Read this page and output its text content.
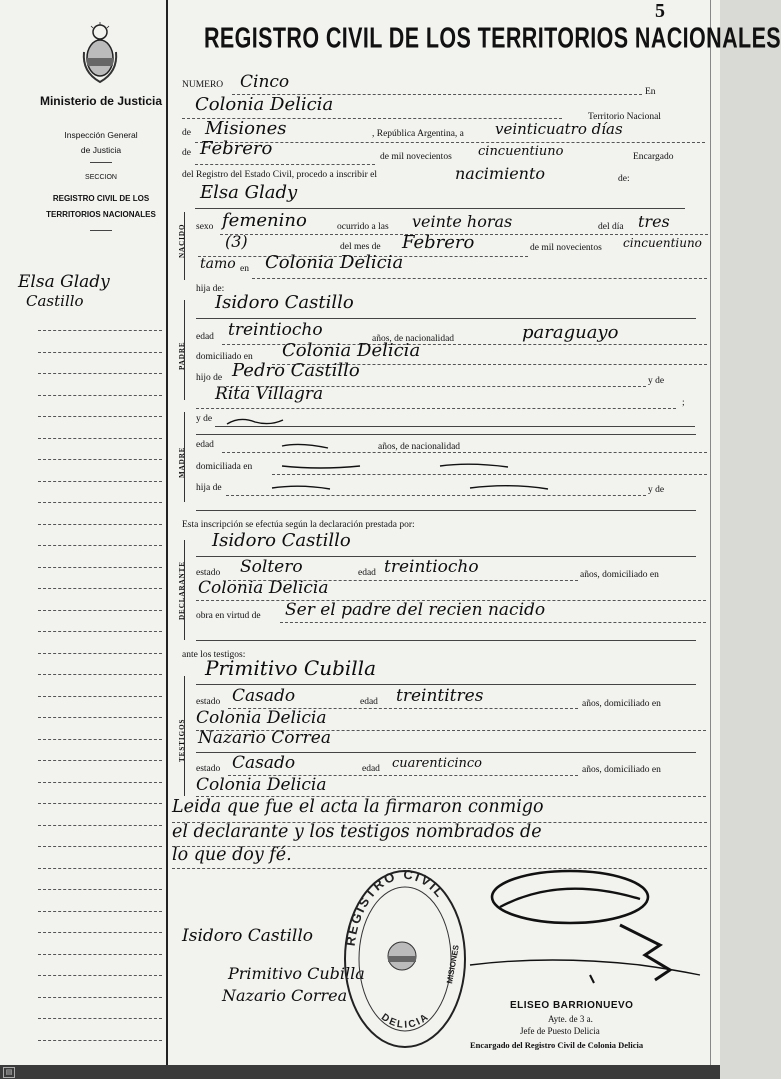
Ministerio de Justicia
Inspección General
de Justicia
SECCION
REGISTRO CIVIL DE LOS
TERRITORIOS NACIONALES
Elsa Glady
Castillo
5
REGISTRO CIVIL DE LOS TERRITORIOS NACIONALES
NUMERO Cinco	En
Colonia Delicia
Territorio Nacional
de Misiones	, República Argentina, a veinticuatro días
de Febrero	de mil novecientos cincuentiuno	Encargado
del Registro del Estado Civil, procedo a inscribir el	nacimiento	de:
NACIDO
Elsa Glady
sexo femenino	ocurrido a las veinte horas	del día tres
(3)	del mes de Febrero	de mil novecientos cincuentiuno
tamo en Colonia Delicia
hija de:
PADRE
Isidoro Castillo
edad treintiocho	años, de nacionalidad	paraguayo
domiciliado en Colonia Delicia
hijo de Pedro Castillo	y de
Rita Villagra	;
MADRE
y de
edad	años, de nacionalidad
domiciliada en
hija de	y de
Esta inscripción se efectúa según la declaración prestada por:
DECLARANTE
Isidoro Castillo
estado Soltero	edad treintiocho	años, domiciliado en
Colonia Delicia
obra en virtud de Ser el padre del recien nacido
ante los testigos:
TESTIGOS
Primitivo Cubilla
estado Casado	edad treintitres	años, domiciliado en
Colonia Delicia
Nazario Correa
estado Casado	edad cuarenticinco	años, domiciliado en
Colonia Delicia
Leida que fue el acta la firmaron conmigo
el declarante y los testigos nombrados de
lo que doy fé.
Isidoro Castillo
Primitivo Cubilla
Nazario Correa
REGISTRO CIVIL
DELICIA
MISIONES
ELISEO BARRIONUEVO
Ayte. de 3 a.
Jefe de Puesto Delicia
Encargado del Registro Civil de Colonia Delicia
▤
